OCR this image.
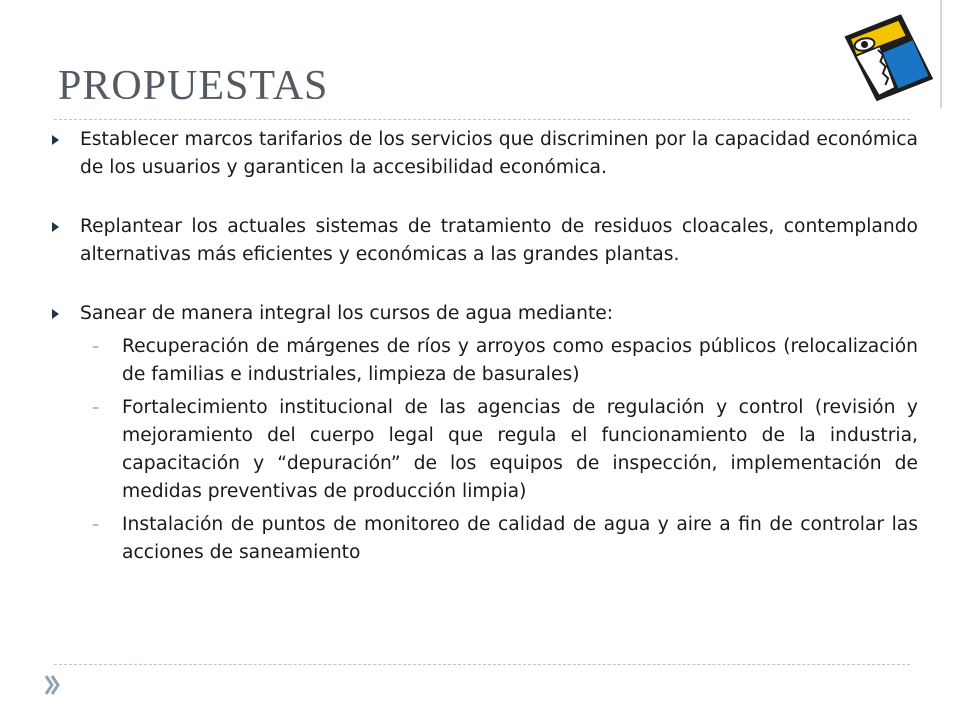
PROPUESTAS
Establecer marcos tarifarios de los servicios que discriminen por la capacidad económica de los usuarios y garanticen la accesibilidad económica.
Replantear los actuales sistemas de tratamiento de residuos cloacales, contemplando alternativas más eficientes y económicas a las grandes plantas.
Sanear de manera integral los cursos de agua mediante:
– Recuperación de márgenes de ríos y arroyos como espacios públicos (relocalización de familias e industriales, limpieza de basurales)
– Fortalecimiento institucional de las agencias de regulación y control (revisión y mejoramiento del cuerpo legal que regula el funcionamiento de la industria, capacitación y “depuración” de los equipos de inspección, implementación de medidas preventivas de producción limpia)
– Instalación de puntos de monitoreo de calidad de agua y aire a fin de controlar las acciones de saneamiento
